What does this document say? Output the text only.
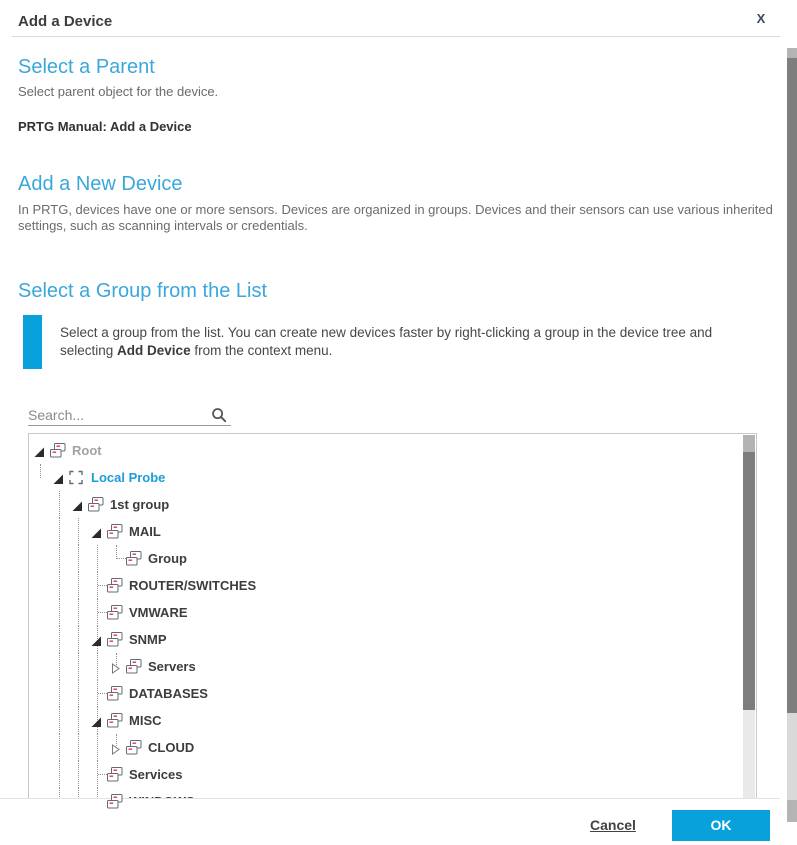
Add a Device	X
Select a Parent
Select parent object for the device.
PRTG Manual: Add a Device
Add a New Device
In PRTG, devices have one or more sensors. Devices are organized in groups. Devices and their sensors can use various inherited settings, such as scanning intervals or credentials.
Select a Group from the List
Select a group from the list. You can create new devices faster by right-clicking a group in the device tree and selecting Add Device from the context menu.
Search...
Root
Local Probe
1st group
MAIL
Group
ROUTER/SWITCHES
VMWARE
SNMP
Servers
DATABASES
MISC
CLOUD
Services
Cancel	OK
